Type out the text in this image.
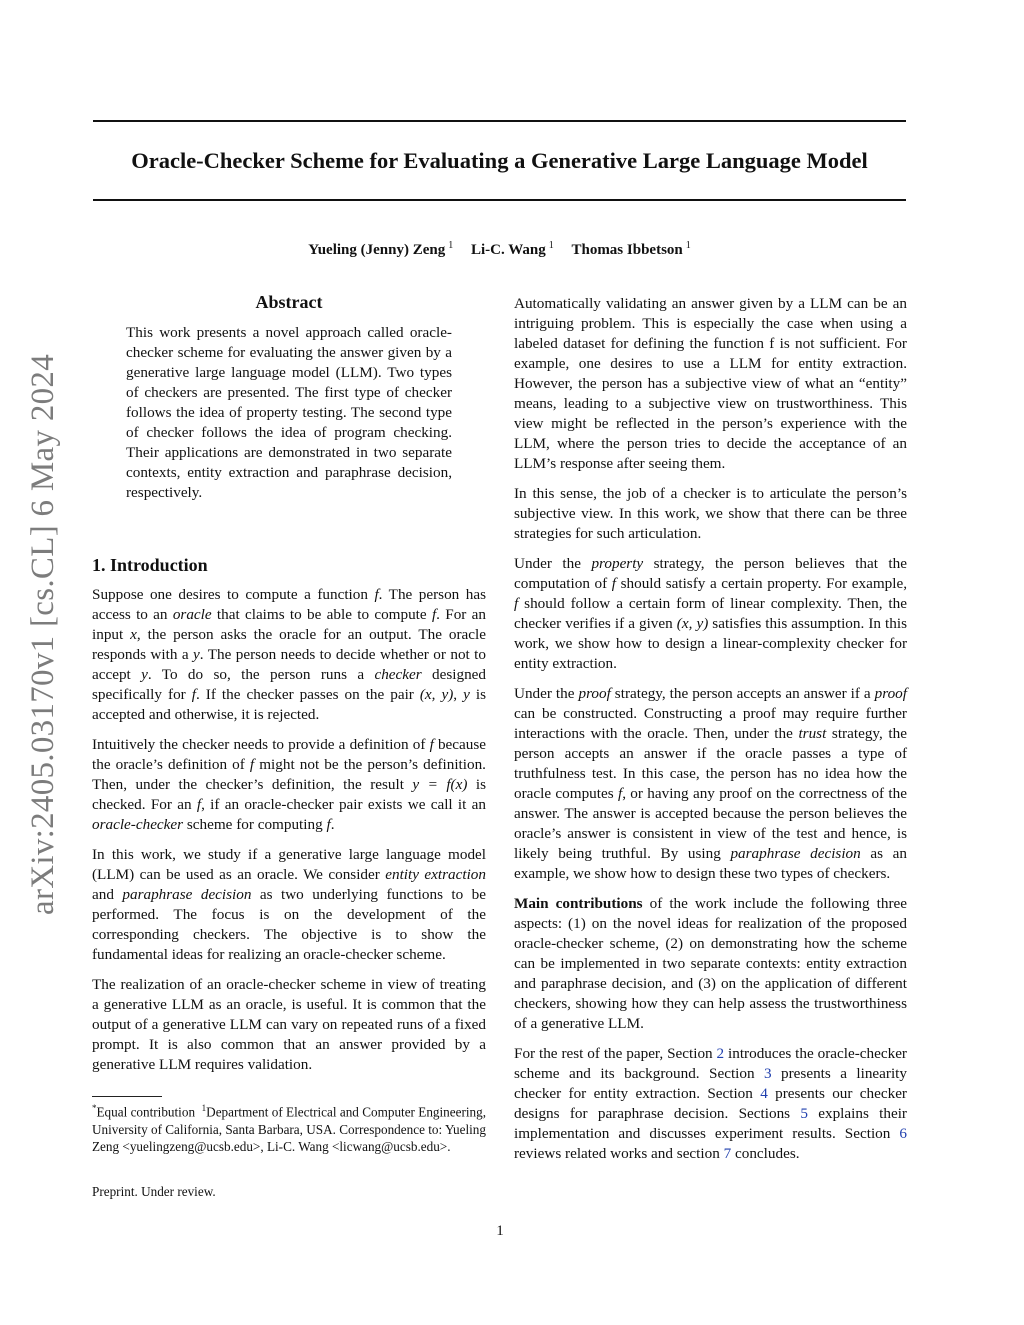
Oracle-Checker Scheme for Evaluating a Generative Large Language Model
Yueling (Jenny) Zeng $^1$ Li-C. Wang $^1$ Thomas Ibbetson $^1$
arXiv:2405.03170v1 [cs.CL] 6 May 2024
Abstract

This work presents a novel approach called oracle-checker scheme for evaluating the answer given by a generative large language model (LLM). Two types of checkers are presented. The first type of checker follows the idea of property testing. The second type of checker follows the idea of program checking. Their applications are demonstrated in two separate contexts, entity extraction and paraphrase decision, respectively.

1. Introduction

Suppose one desires to compute a function f. The person has access to an oracle that claims to be able to compute f. For an input x, the person asks the oracle for an output. The oracle responds with a y. The person needs to decide whether or not to accept y. To do so, the person runs a checker designed specifically for f. If the checker passes on the pair (x, y), y is accepted and otherwise, it is rejected.

Intuitively the checker needs to provide a definition of f because the oracle’s definition of f might not be the person’s definition. Then, under the checker’s definition, the result y = f(x) is checked. For an f, if an oracle-checker pair exists we call it an oracle-checker scheme for computing f.

In this work, we study if a generative large language model (LLM) can be used as an oracle. We consider entity extraction and paraphrase decision as two underlying functions to be performed. The focus is on the development of the corresponding checkers. The objective is to show the fundamental ideas for realizing an oracle-checker scheme.

The realization of an oracle-checker scheme in view of treating a generative LLM as an oracle, is useful. It is common that the output of a generative LLM can vary on repeated runs of a fixed prompt. It is also common that an answer provided by a generative LLM requires validation.

*Equal contribution $^1$Department of Electrical and Computer Engineering, University of California, Santa Barbara, USA. Correspondence to: Yueling Zeng <yuelingzeng@ucsb.edu>, Li-C. Wang <licwang@ucsb.edu>.
Preprint. Under review.

Automatically validating an answer given by a LLM can be an intriguing problem. This is especially the case when using a labeled dataset for defining the function f is not sufficient. For example, one desires to use a LLM for entity extraction. However, the person has a subjective view of what an “entity” means, leading to a subjective view on trustworthiness. This view might be reflected in the person’s experience with the LLM, where the person tries to decide the acceptance of an LLM’s response after seeing them.

In this sense, the job of a checker is to articulate the person’s subjective view. In this work, we show that there can be three strategies for such articulation.

Under the property strategy, the person believes that the computation of f should satisfy a certain property. For example, f should follow a certain form of linear complexity. Then, the checker verifies if a given (x, y) satisfies this assumption. In this work, we show how to design a linear-complexity checker for entity extraction.

Under the proof strategy, the person accepts an answer if a proof can be constructed. Constructing a proof may require further interactions with the oracle. Then, under the trust strategy, the person accepts an answer if the oracle passes a type of truthfulness test. In this case, the person has no idea how the oracle computes f, or having any proof on the correctness of the answer. The answer is accepted because the person believes the oracle’s answer is consistent in view of the test and hence, is likely being truthful. By using paraphrase decision as an example, we show how to design these two types of checkers.

Main contributions of the work include the following three aspects: (1) on the novel ideas for realization of the proposed oracle-checker scheme, (2) on demonstrating how the scheme can be implemented in two separate contexts: entity extraction and paraphrase decision, and (3) on the application of different checkers, showing how they can help assess the trustworthiness of a generative LLM.

For the rest of the paper, Section 2 introduces the oracle-checker scheme and its background. Section 3 presents a linearity checker for entity extraction. Section 4 presents our checker designs for paraphrase decision. Sections 5 explains their implementation and discusses experiment results. Section 6 reviews related works and section 7 concludes.

1
